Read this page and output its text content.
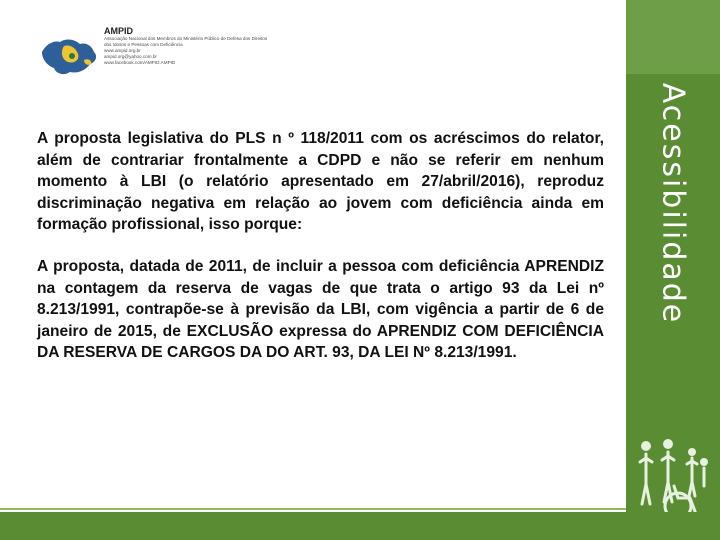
AMPID

Associação Nacional dos Membros do Ministério Público de Defesa dos Direitos

dos Idosos e Pessoas com Deficiência

www.ampid.org.br

ampid.org@yahoo.com.br

www.facebook.com/AMPID.AMPID

A proposta legislativa do PLS n º 118/2011 com os acréscimos do relator, além de contrariar frontalmente a CDPD e não se referir em nenhum momento à LBI (o relatório apresentado em 27/abril/2016), reproduz discriminação negativa em relação ao jovem com deficiência ainda em formação profissional, isso porque:

A proposta, datada de 2011, de incluir a pessoa com deficiência APRENDIZ na contagem da reserva de vagas de que trata o artigo 93 da Lei nº 8.213/1991, contrapõe-se à previsão da LBI, com vigência a partir de 6 de janeiro de 2015, de EXCLUSÃO expressa do APRENDIZ COM DEFICIÊNCIA DA RESERVA DE CARGOS DA DO ART. 93, DA LEI Nº 8.213/1991.

Acessibilidade
